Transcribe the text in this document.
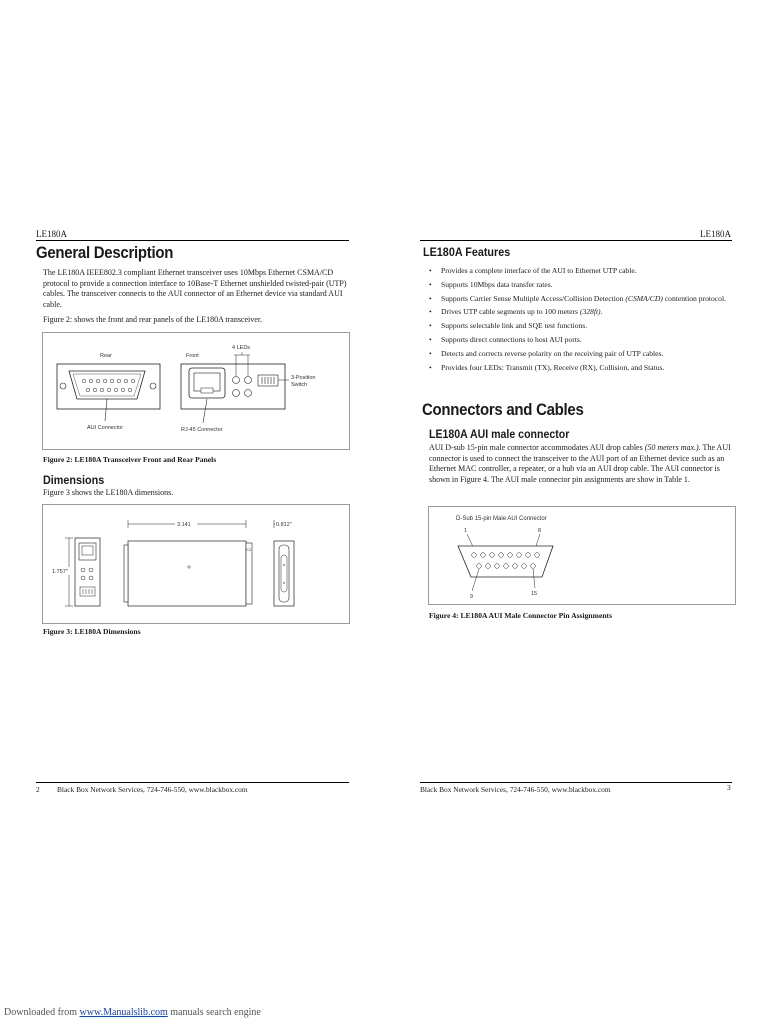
LE180A
General Description
The LE180A IEEE802.3 compliant Ethernet transceiver uses 10Mbps Ethernet CSMA/CD protocol to provide a connection interface to 10Base-T Ethernet unshielded twisted-pair (UTP) cables. The transceiver connects to the AUI connector of an Ethernet device via standard AUI cable.
Figure 2: shows the front and rear panels of the LE180A transceiver.
Rear	Front
4 LEDs
AUI Connector
3-Position
Switch
RJ-45 Connector
Figure 2: LE180A Transceiver Front and Rear Panels
Dimensions
Figure 3 shows the LE180A dimensions.
1.757"
C2
3.141	0.812"
Figure 3: LE180A Dimensions
2 Black Box Network Services, 724-746-550, www.blackbox.com
LE180A
LE180A Features
• Provides a complete interface of the AUI to Ethernet UTP cable.
• Supports 10Mbps data transfer rates.
• Supports Carrier Sense Multiple Access/Collision Detection (CSMA/CD) contention protocol.
• Drives UTP cable segments up to 100 meters (328ft).
• Supports selectable link and SQE test functions.
• Supports direct connections to host AUI ports.
• Detects and corrects reverse polarity on the receiving pair of UTP cables.
• Provides four LEDs: Transmit (TX), Receive (RX), Collision, and Status.
Connectors and Cables
LE180A AUI male connector
AUI D-sub 15-pin male connector accommodates AUI drop cables (50 meters max.). The AUI connector is used to connect the transceiver to the AUI port of an Ethernet device such as an Ethernet MAC controller, a repeater, or a hub via an AUI drop cable. The AUI connector is shown in Figure 4. The AUI male connector pin assignments are show in Table 1.
D-Sub 15-pin Male AUI Connector
1	8
9	15
Figure 4: LE180A AUI Male Connector Pin Assignments
Black Box Network Services, 724-746-550, www.blackbox.com	3
Downloaded from www.Manualslib.com manuals search engine
